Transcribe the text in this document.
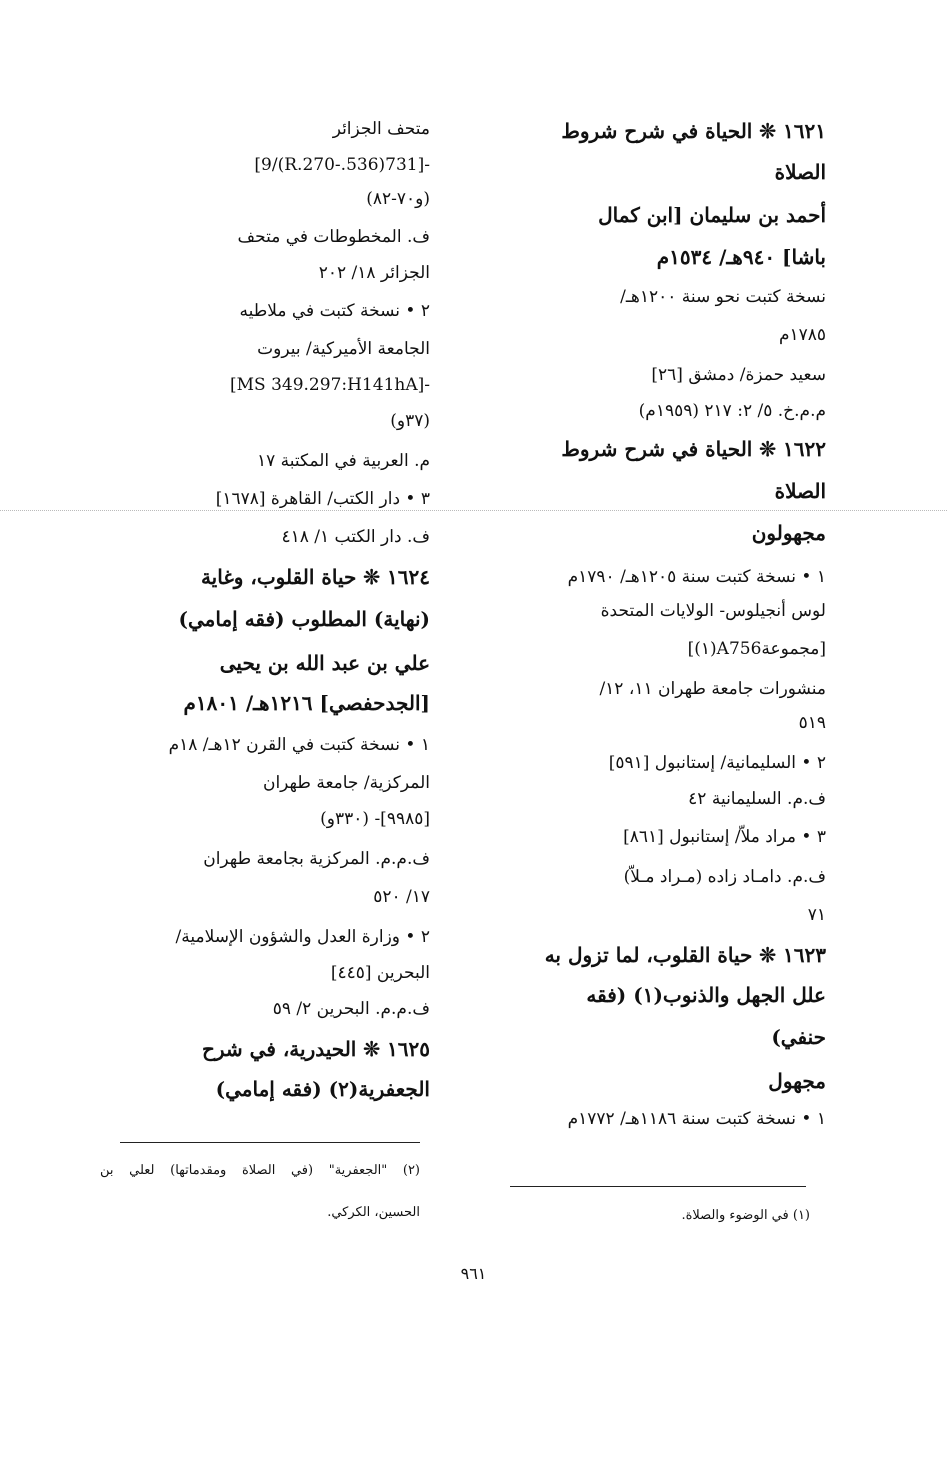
١٦٢١ ❊ الحياة في شرح شروط
الصلاة
أحمد بن سليمان [ابن كمال
باشا] ٩٤٠هـ/ ١٥٣٤م
نسخة كتبت نحو سنة ١٢٠٠هـ/
١٧٨٥م
سعيد حمزة/ دمشق [٢٦]
م.م.خ. ٥/ ٢: ٢١٧ (١٩٥٩م)
١٦٢٢ ❊ الحياة في شرح شروط
الصلاة
مجهولون
١ • نسخة كتبت سنة ١٢٠٥هـ/ ١٧٩٠م
لوس أنجيلوس- الولايات المتحدة
[مجموعةA756(١)]
منشورات جامعة طهران ١١، ١٢/
٥١٩
٢ • السليمانية/ إستانبول [٥٩١]
ف.م. السليمانية ٤٢
٣ • مراد ملاّ/ إستانبول [٨٦١]
ف.م. دامـاد زاده (مـراد مـلاّ)
٧١
١٦٢٣ ❊ حياة القلوب، لما تزول به
علل الجهل والذنوب(١) (فقه
حنفي)
مجهول
١ • نسخة كتبت سنة ١١٨٦هـ/ ١٧٧٢م
متحف الجزائر
-[731(536.-R.270)/9]
(و٧٠-٨٢)
ف. المخطوطات في متحف
الجزائر ١٨/ ٢٠٢
٢ • نسخة كتبت في ملاطيه
الجامعة الأميركية/ بيروت
-[MS 349.297:H141hA]
(٣٧و)
م. العربية في المكتبة ١٧
٣ • دار الكتب/ القاهرة [١٦٧٨]
ف. دار الكتب ١/ ٤١٨
١٦٢٤ ❊ حياة القلوب، وغاية
(نهاية) المطلوب (فقه إمامي)
علي بن عبد الله بن يحيى
[الجدحفصي] ١٢١٦هـ/ ١٨٠١م
١ • نسخة كتبت في القرن ١٢هـ/ ١٨م
المركزية/ جامعة طهران
[٩٩٨٥]- (٣٣٠و)
ف.م.م. المركزية بجامعة طهران
١٧/ ٥٢٠
٢ • وزارة العدل والشؤون الإسلامية/
البحرين [٤٤٥]
ف.م.م. البحرين ٢/ ٥٩
١٦٢٥ ❊ الحيدرية، في شرح
الجعفرية(٢) (فقه إمامي)
(١) في الوضوء والصلاة.
(٢) "الجعفرية" (في الصلاة ومقدماتها) لعلي بن
الحسين، الكركي.
٩٦١
